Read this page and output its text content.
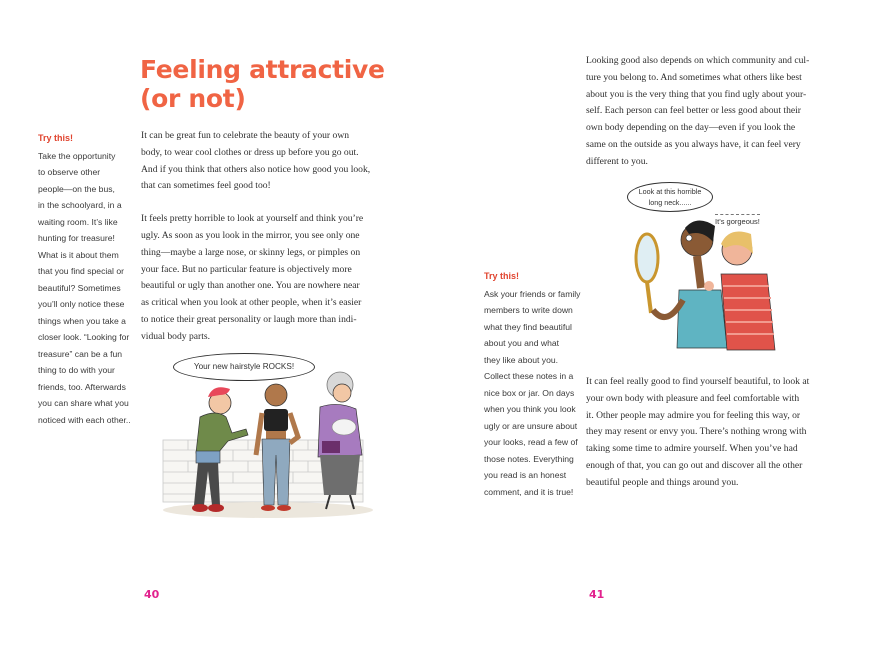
Feeling attractive
(or not)
Try this!
Take the opportunity
to observe other
people—on the bus,
in the schoolyard, in a
waiting room. It’s like
hunting for treasure!
What is it about them
that you find special or
beautiful? Sometimes
you’ll only notice these
things when you take a
closer look. “Looking for
treasure” can be a fun
thing to do with your
friends, too. Afterwards
you can share what you
noticed with each other..
It can be great fun to celebrate the beauty of your own
body, to wear cool clothes or dress up before you go out.
And if you think that others also notice how good you look,
that can sometimes feel good too!
It feels pretty horrible to look at yourself and think you’re
ugly. As soon as you look in the mirror, you see only one
thing—maybe a large nose, or skinny legs, or pimples on
your face. But no particular feature is objectively more
beautiful or ugly than another one. You are nowhere near
as critical when you look at other people, when it’s easier
to notice their great personality or laugh more than indi-
vidual body parts.
Your new hairstyle ROCKS!
40
Looking good also depends on which community and cul-
ture you belong to. And sometimes what others like best
about you is the very thing that you find ugly about your-
self. Each person can feel better or less good about their
own body depending on the day—even if you look the
same on the outside as you always have, it can feel very
different to you.
Try this!
Ask your friends or family
members to write down
what they find beautiful
about you and what
they like about you.
Collect these notes in a
nice box or jar. On days
when you think you look
ugly or are unsure about
your looks, read a few of
those notes. Everything
you read is an honest
comment, and it is true!
Look at this horrible
long neck......
It’s gorgeous!
It can feel really good to find yourself beautiful, to look at
your own body with pleasure and feel comfortable with
it. Other people may admire you for feeling this way, or
they may resent or envy you. There’s nothing wrong with
taking some time to admire yourself. When you’ve had
enough of that, you can go out and discover all the other
beautiful people and things around you.
41
